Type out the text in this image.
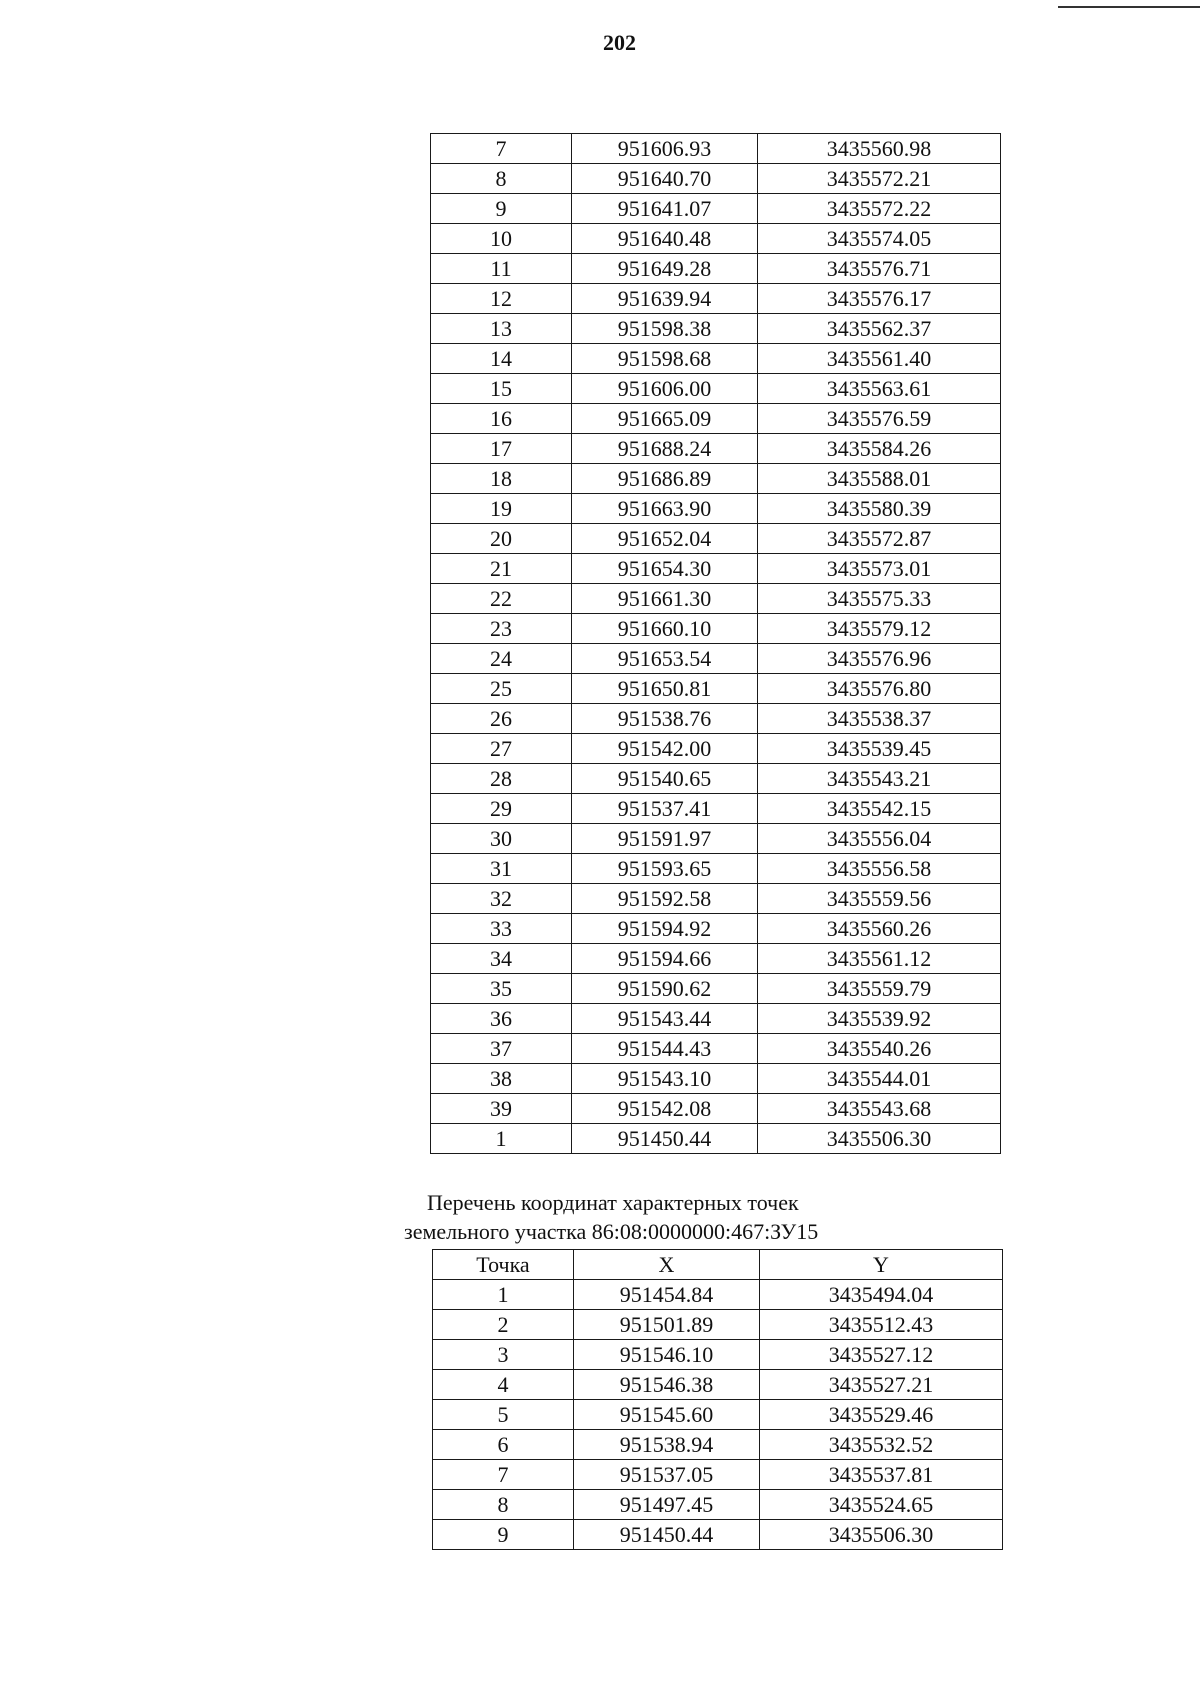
202
7	951606.93	3435560.98
8	951640.70	3435572.21
9	951641.07	3435572.22
10	951640.48	3435574.05
11	951649.28	3435576.71
12	951639.94	3435576.17
13	951598.38	3435562.37
14	951598.68	3435561.40
15	951606.00	3435563.61
16	951665.09	3435576.59
17	951688.24	3435584.26
18	951686.89	3435588.01
19	951663.90	3435580.39
20	951652.04	3435572.87
21	951654.30	3435573.01
22	951661.30	3435575.33
23	951660.10	3435579.12
24	951653.54	3435576.96
25	951650.81	3435576.80
26	951538.76	3435538.37
27	951542.00	3435539.45
28	951540.65	3435543.21
29	951537.41	3435542.15
30	951591.97	3435556.04
31	951593.65	3435556.58
32	951592.58	3435559.56
33	951594.92	3435560.26
34	951594.66	3435561.12
35	951590.62	3435559.79
36	951543.44	3435539.92
37	951544.43	3435540.26
38	951543.10	3435544.01
39	951542.08	3435543.68
1	951450.44	3435506.30
Перечень координат характерных точек
земельного участка 86:08:0000000:467:ЗУ15
Точка	X	Y
1	951454.84	3435494.04
2	951501.89	3435512.43
3	951546.10	3435527.12
4	951546.38	3435527.21
5	951545.60	3435529.46
6	951538.94	3435532.52
7	951537.05	3435537.81
8	951497.45	3435524.65
9	951450.44	3435506.30
